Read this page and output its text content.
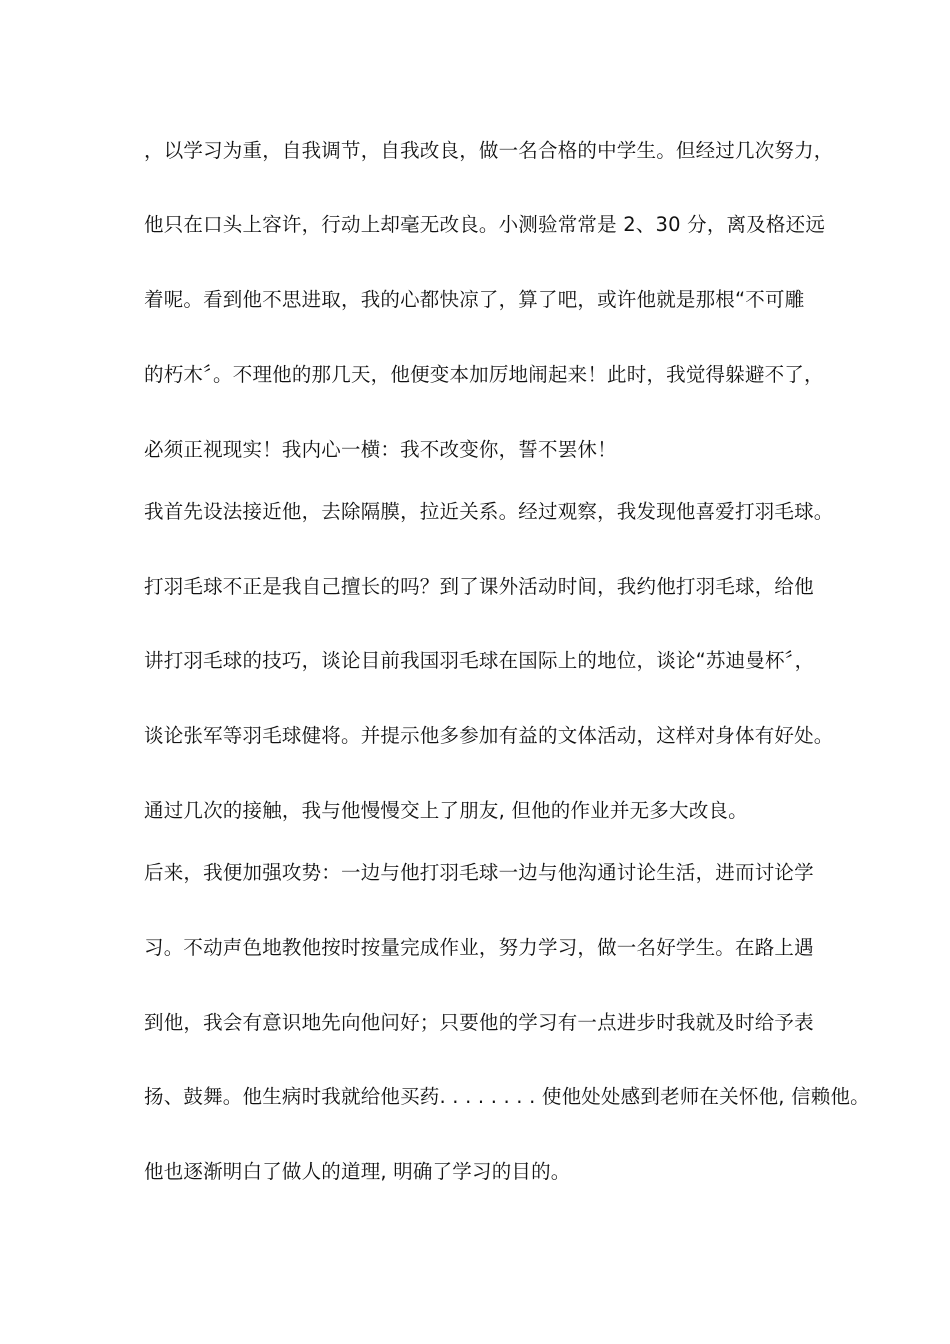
，以学习为重，自我调节，自我改良，做一名合格的中学生。但经过几次努力，
他只在口头上容许，行动上却毫无改良。小测验常常是 2、30 分，离及格还远
着呢。看到他不思进取，我的心都快凉了，算了吧，或许他就是那根“不可雕
的朽木〞。不理他的那几天，他便变本加厉地闹起来！此时，我觉得躲避不了，
必须正视现实！我内心一横：我不改变你，誓不罢休！
我首先设法接近他，去除隔膜，拉近关系。经过观察，我发现他喜爱打羽毛球。
打羽毛球不正是我自己擅长的吗？到了课外活动时间，我约他打羽毛球，给他
讲打羽毛球的技巧，谈论目前我国羽毛球在国际上的地位，谈论“苏迪曼杯〞，
谈论张军等羽毛球健将。并提示他多参加有益的文体活动，这样对身体有好处。
通过几次的接触，我与他慢慢交上了朋友, 但他的作业并无多大改良。
后来，我便加强攻势：一边与他打羽毛球一边与他沟通讨论生活，进而讨论学
习。不动声色地教他按时按量完成作业，努力学习，做一名好学生。在路上遇
到他，我会有意识地先向他问好；只要他的学习有一点进步时我就及时给予表
扬、鼓舞。他生病时我就给他买药. . . . . . . . 使他处处感到老师在关怀他, 信赖他。
他也逐渐明白了做人的道理, 明确了学习的目的。
